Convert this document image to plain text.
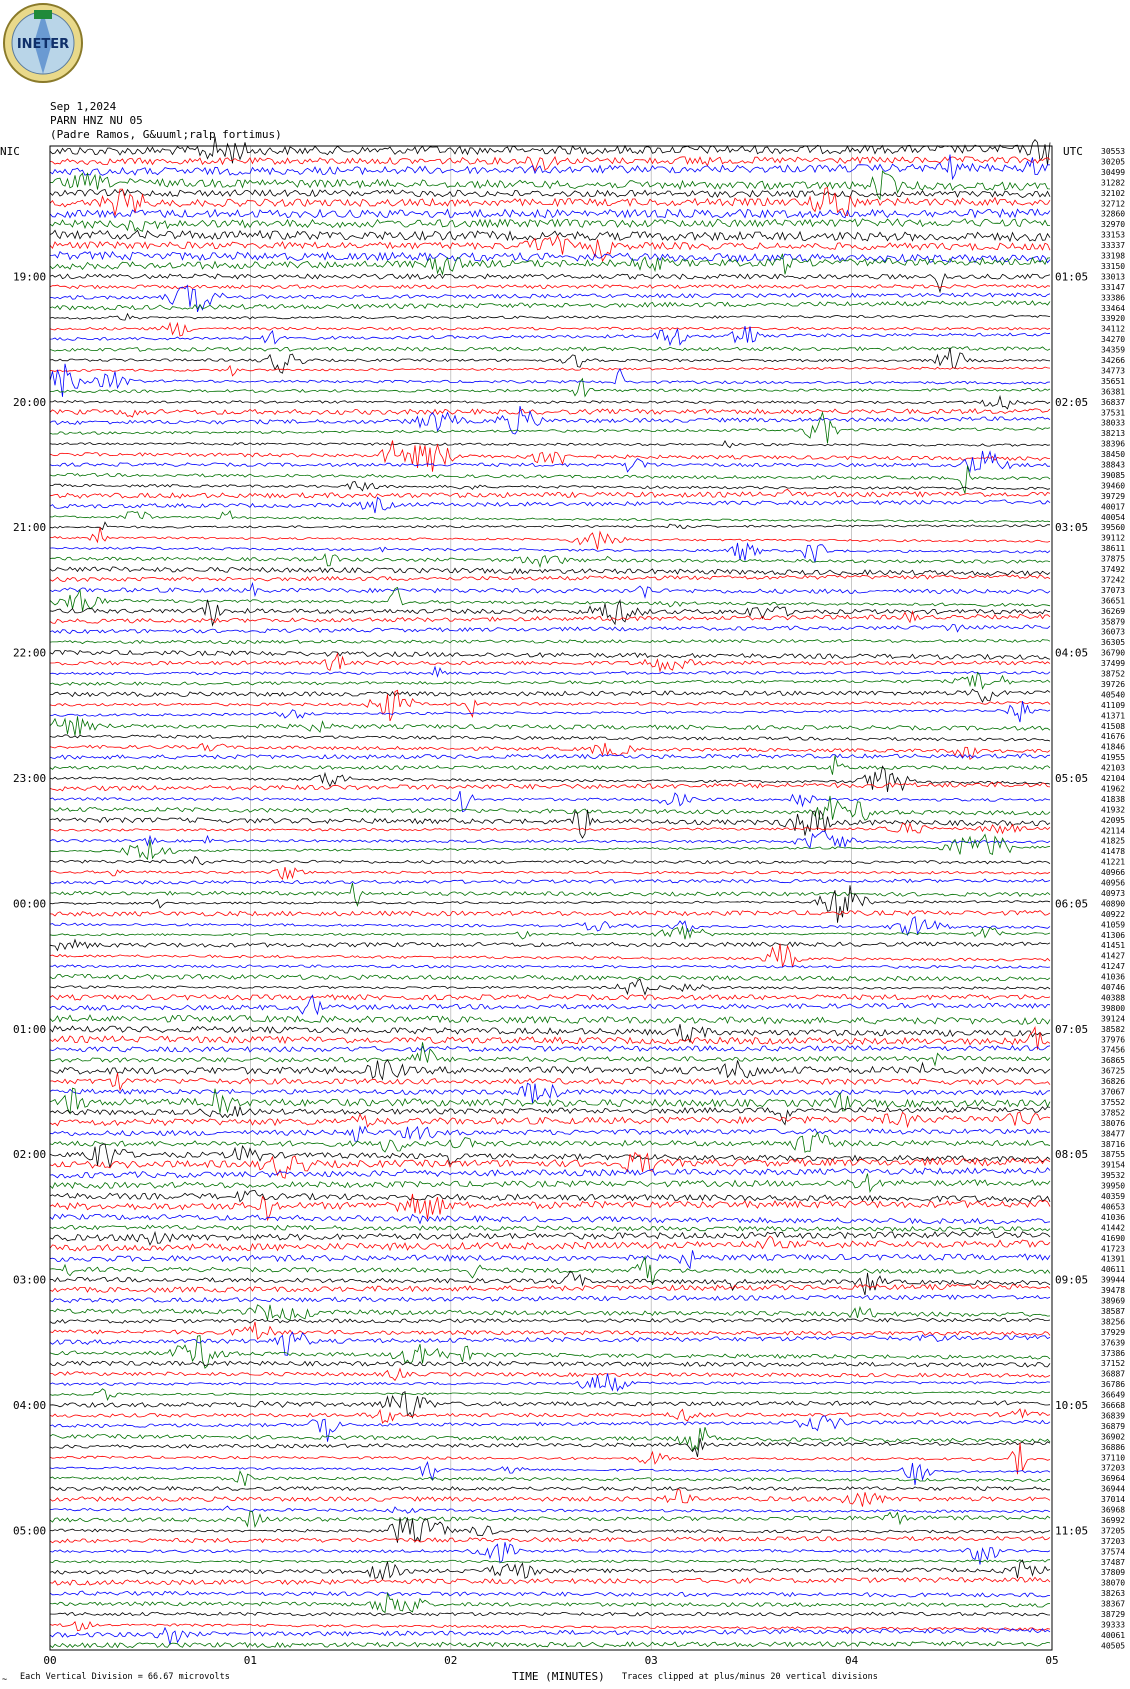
INETER
Sep 1,2024
PARN HNZ NU 05
(Padre Ramos, G&uuml;ralp fortimus)
NIC	UTC
00	01	02	03	04	05
30553
30205
30499
31282
32102
32712
32860
32970
33153
33337
33198
33150
33013
33147
33386
33464
33920
34112
34270
34359
34266
34773
35651
36381
36837
37531
38033
38213
38396
38450
38843
39085
39460
39729
40017
40054
39560
39112
38611
37875
37492
37242
37073
36651
36269
35879
36073
36305
36790
37499
38752
39726
40540
41109
41371
41508
41676
41846
41955
42103
42104
41962
41838
41932
42095
42114
41825
41478
41221
40966
40956
40973
40890
40922
41059
41306
41451
41427
41247
41036
40746
40388
39800
39124
38582
37976
37456
36865
36725
36826
37067
37552
37852
38076
38477
38716
38755
39154
39532
39950
40359
40653
41036
41442
41690
41723
41391
40611
39944
39478
38969
38587
38256
37929
37639
37386
37152
36887
36786
36649
36668
36839
36879
36902
36886
37110
37203
36964
36944
37014
36968
36992
37205
37203
37574
37487
37809
38070
38263
38367
38729
39333
40061
40505
19:00	01:05
20:00	02:05
21:00	03:05
22:00	04:05
23:00	05:05
00:00	06:05
01:00	07:05
02:00	08:05
03:00	09:05
04:00	10:05
05:00	11:05
~ Each Vertical Division = 66.67 microvolts	TIME (MINUTES) Traces clipped at plus/minus 20 vertical divisions
